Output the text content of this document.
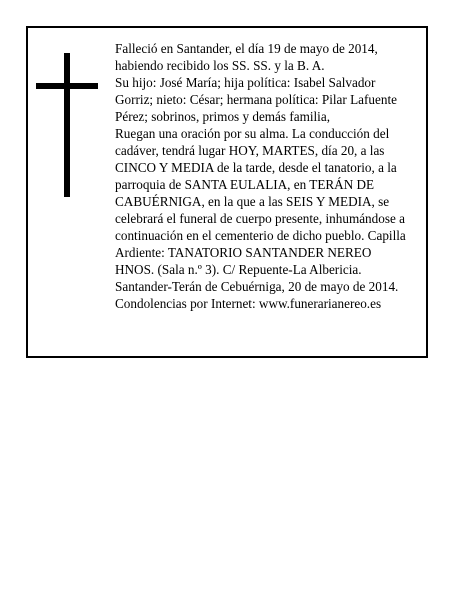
Falleció en Santander, el día 19 de mayo de 2014,

habiendo recibido los SS. SS. y la B. A.

Su hijo: José María; hija política: Isabel Salvador

Gorriz; nieto: César; hermana política: Pilar Lafuente

Pérez; sobrinos, primos y demás familia,

Ruegan una oración por su alma. La conducción del

cadáver, tendrá lugar HOY, MARTES, día 20, a las

CINCO Y MEDIA de la tarde, desde el tanatorio, a la

parroquia de SANTA EULALIA, en TERÁN DE

CABUÉRNIGA, en la que a las SEIS Y MEDIA, se

celebrará el funeral de cuerpo presente, inhumándose a

continuación en el cementerio de dicho pueblo. Capilla

Ardiente: TANATORIO SANTANDER NEREO

HNOS. (Sala n.º 3). C/ Repuente-La Albericia.

Santander-Terán de Cebuérniga, 20 de mayo de 2014.

Condolencias por Internet: www.funerarianereo.es
